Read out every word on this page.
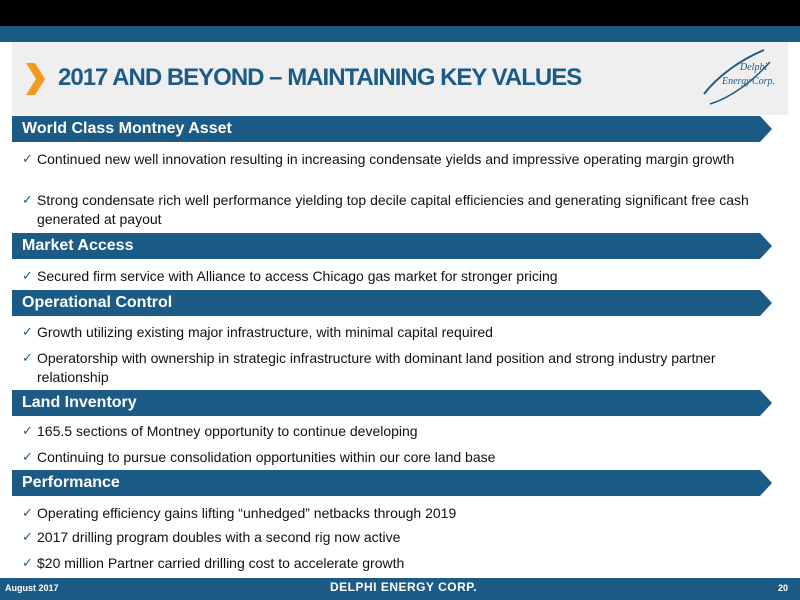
2017 AND BEYOND – MAINTAINING KEY VALUES	Delphi
Energy Corp.
World Class Montney Asset
✓ Continued new well innovation resulting in increasing condensate yields and impressive operating margin growth
✓ Strong condensate rich well performance yielding top decile capital efficiencies and generating significant free cash generated at payout
Market Access
✓ Secured firm service with Alliance to access Chicago gas market for stronger pricing
Operational Control
✓ Growth utilizing existing major infrastructure, with minimal capital required
✓ Operatorship with ownership in strategic infrastructure with dominant land position and strong industry partner relationship
Land Inventory
✓ 165.5 sections of Montney opportunity to continue developing
✓ Continuing to pursue consolidation opportunities within our core land base
Performance
✓ Operating efficiency gains lifting “unhedged” netbacks through 2019
✓ 2017 drilling program doubles with a second rig now active
✓ $20 million Partner carried drilling cost to accelerate growth
August 2017	DELPHI ENERGY CORP.	20
